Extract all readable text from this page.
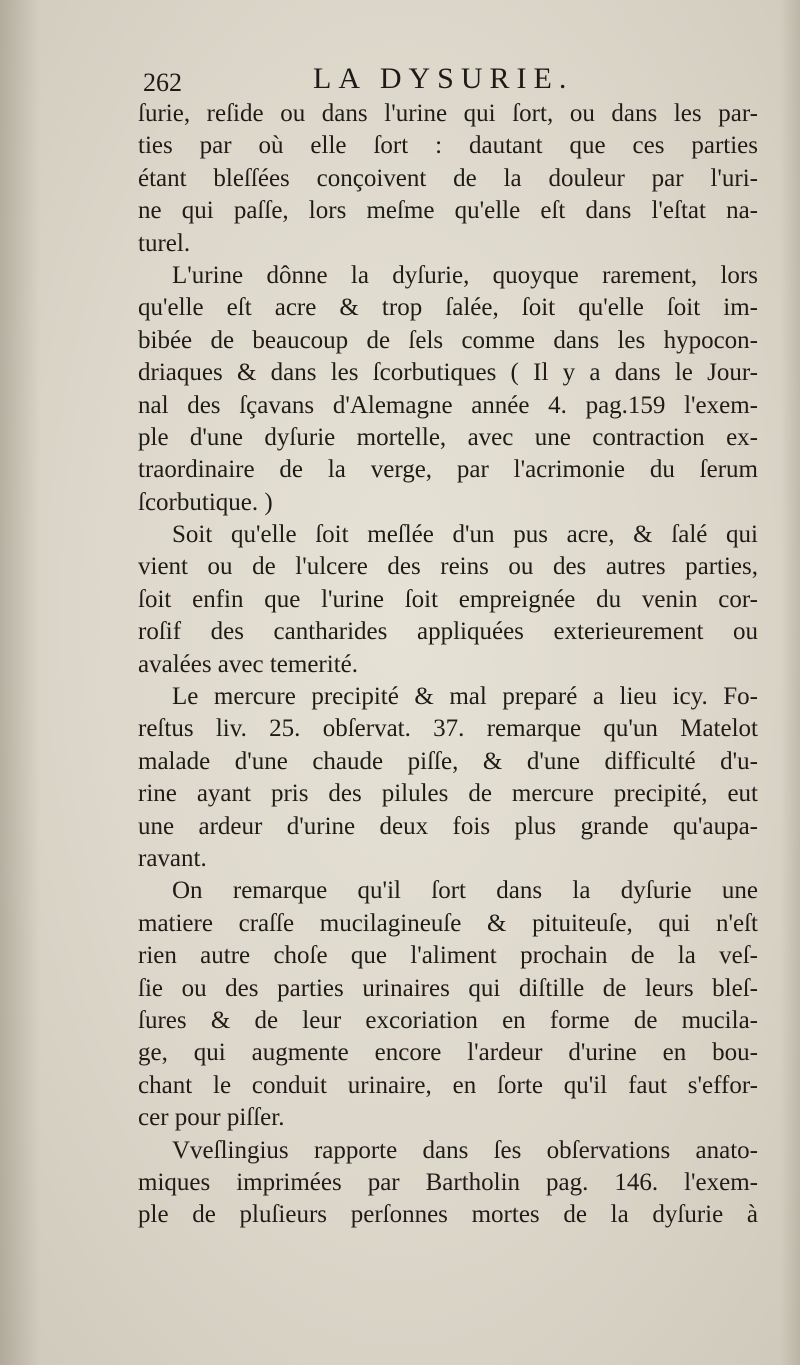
262	LA DYSURIE.
ſurie, reſide ou dans l'urine qui ſort, ou dans les par-
ties par où elle ſort : dautant que ces parties
étant bleſſées conçoivent de la douleur par l'uri-
ne qui paſſe, lors meſme qu'elle eſt dans l'eſtat na-
turel.
L'urine dônne la dyſurie, quoyque rarement, lors
qu'elle eſt acre & trop ſalée, ſoit qu'elle ſoit im-
bibée de beaucoup de ſels comme dans les hypocon-
driaques & dans les ſcorbutiques ( Il y a dans le Jour-
nal des ſçavans d'Alemagne année 4. pag.159 l'exem-
ple d'une dyſurie mortelle, avec une contraction ex-
traordinaire de la verge, par l'acrimonie du ſerum
ſcorbutique. )
Soit qu'elle ſoit meſlée d'un pus acre, & ſalé qui
vient ou de l'ulcere des reins ou des autres parties,
ſoit enfin que l'urine ſoit empreignée du venin cor-
roſif des cantharides appliquées exterieurement ou
avalées avec temerité.
Le mercure precipité & mal preparé a lieu icy. Fo-
reſtus liv. 25. obſervat. 37. remarque qu'un Matelot
malade d'une chaude piſſe, & d'une difficulté d'u-
rine ayant pris des pilules de mercure precipité, eut
une ardeur d'urine deux fois plus grande qu'aupa-
ravant.
On remarque qu'il ſort dans la dyſurie une
matiere craſſe mucilagineuſe & pituiteuſe, qui n'eſt
rien autre choſe que l'aliment prochain de la veſ-
ſie ou des parties urinaires qui diſtille de leurs bleſ-
ſures & de leur excoriation en forme de mucila-
ge, qui augmente encore l'ardeur d'urine en bou-
chant le conduit urinaire, en ſorte qu'il faut s'effor-
cer pour piſſer.
Vveſlingius rapporte dans ſes obſervations anato-
miques imprimées par Bartholin pag. 146. l'exem-
ple de pluſieurs perſonnes mortes de la dyſurie à
